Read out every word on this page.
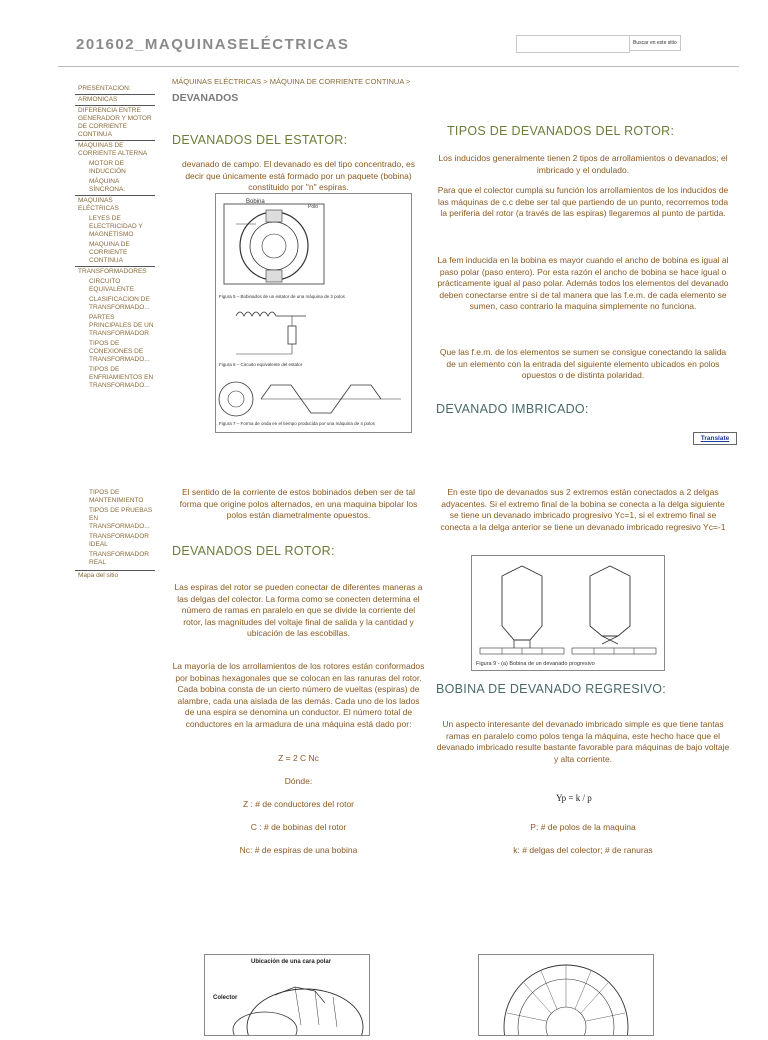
201602_MAQUINASELÉCTRICAS	Buscar en este sitio
PRESENTACION:
ARMONICAS
DIFERENCIA ENTRE GENERADOR Y MOTOR DE CORRIENTE CONTINUA
MAQUINAS DE CORRIENTE ALTERNA
MOTOR DE INDUCCIÓN
MÁQUINA SÍNCRONA:
MAQUINAS ELÉCTRICAS
LEYES DE ELECTRICIDAD Y MAGNETISMO
MAQUINA DE CORRIENTE CONTINUA
TRANSFORMADORES
CIRCUITO EQUIVALENTE
CLASIFICACION DE TRANSFORMADO...
PARTES PRINCIPALES DE UN TRANSFORMADOR
TIPOS DE CONEXIONES DE TRANSFORMADO...
TIPOS DE ENFRIAMIENTOS EN TRANSFORMADO...
TIPOS DE MANTENIMIENTO
TIPOS DE PRUEBAS EN TRANSFORMADO...
TRANSFORMADOR IDEAL
TRANSFORMADOR REAL
Mapa del sitio
MÁQUINAS ELÉCTRICAS > MÁQUINA DE CORRIENTE CONTINUA >
DEVANADOS
DEVANADOS DEL ESTATOR:
devanado de campo. El devanado es del tipo concentrado, es decir que únicamente está formado por un paquete (bobina) constituido por "n" espiras.
Bobina
Polo
Figura 5 – Bobinados de un estator de una máquina de 2 polos
Figura 6 – Circuito equivalente del estator
Figura 7 – Forma de onda en el tiempo producida por una máquina de 4 polos
El sentido de la corriente de estos bobinados deben ser de tal forma que origine polos alternados, en una maquina bipolar los polos están diametralmente opuestos.
DEVANADOS DEL ROTOR:
Las espiras del rotor se pueden conectar de diferentes maneras a las delgas del colector. La forma como se conecten determina el número de ramas en paralelo en que se divide la corriente del rotor, las magnitudes del voltaje final de salida y la cantidad y ubicación de las escobillas.
La mayoría de los arrollamientos de los rotores están conformados por bobinas hexagonales que se colocan en las ranuras del rotor. Cada bobina consta de un cierto número de vueltas (espiras) de alambre, cada una aislada de las demás. Cada uno de los lados de una espira se denomina un conductor. El número total de conductores en la armadura de una máquina está dado por:
Z = 2 C Nc
Dónde:
Z : # de conductores del rotor
C : # de bobinas del rotor
Nc: # de espiras de una bobina
TIPOS DE DEVANADOS DEL ROTOR:
Los inducidos generalmente tienen 2 tipos de arrollamientos o devanados; el imbricado y el ondulado.
Para que el colector cumpla su función los arrollamientos de los inducidos de las máquinas de c.c debe ser tal que partiendo de un punto, recorremos toda la periferia del rotor (a través de las espiras) llegaremos al punto de partida.
La fem inducida en la bobina es mayor cuando el ancho de bobina es igual al paso polar (paso entero). Por esta razón el ancho de bobina se hace igual o prácticamente igual al paso polar. Además todos los elementos del devanado deben conectarse entre sí de tal manera que las f.e.m. de cada elemento se sumen, caso contrario la maquina simplemente no funciona.
Que las f.e.m. de los elementos se sumen se consigue conectando la salida de un elemento con la entrada del siguiente elemento ubicados en polos opuestos o de distinta polaridad.
DEVANADO IMBRICADO:
Translate
En este tipo de devanados sus 2 extremos están conectados a 2 delgas adyacentes. Si el extremo final de la bobina se conecta a la delga siguiente se tiene un devanado imbricado progresivo Yc=1, si el extremo final se conecta a la delga anterior se tiene un devanado imbricado regresivo Yc=-1
Figura 9 - (a) Bobina de un devanado progresivo
BOBINA DE DEVANADO REGRESIVO:
Un aspecto interesante del devanado imbricado simple es que tiene tantas ramas en paralelo como polos tenga la máquina, este hecho hace que el devanado imbricado resulte bastante favorable para máquinas de bajo voltaje y alta corriente.
Yp = k / p
P: # de polos de la maquina
k: # delgas del colector; # de ranuras
Ubicación de una cara polar
Colector
